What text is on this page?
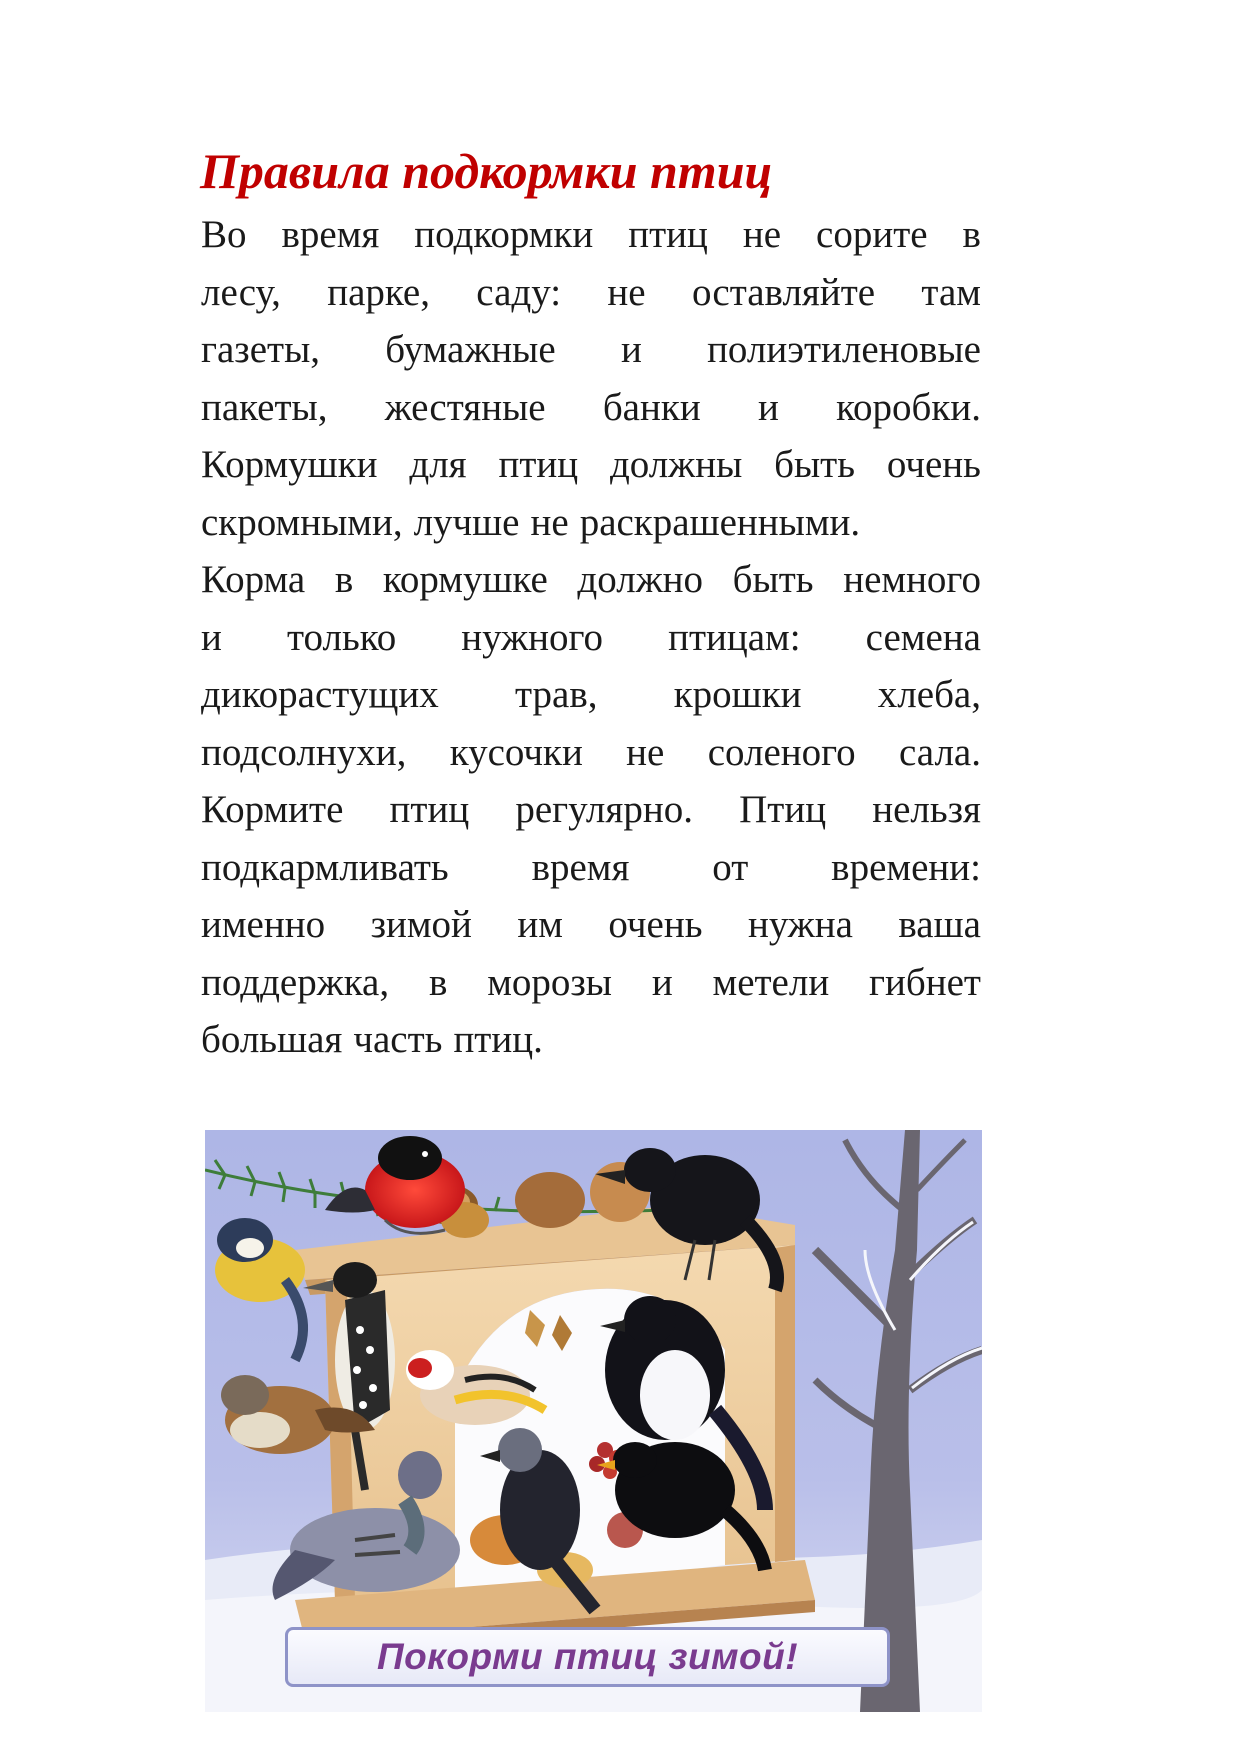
Правила подкормки птиц
Во время подкормки птиц не сорите в
лесу, парке, саду: не оставляйте там
газеты, бумажные и полиэтиленовые
пакеты, жестяные банки и коробки.
Кормушки для птиц должны быть очень
скромными, лучше не раскрашенными.
Корма в кормушке должно быть немного
и только нужного птицам: семена
дикорастущих трав, крошки хлеба,
подсолнухи, кусочки не соленого сала.
Кормите птиц регулярно. Птиц нельзя
подкармливать время от времени:
именно зимой им очень нужна ваша
поддержка, в морозы и метели гибнет
большая часть птиц.
Покорми птиц зимой!
